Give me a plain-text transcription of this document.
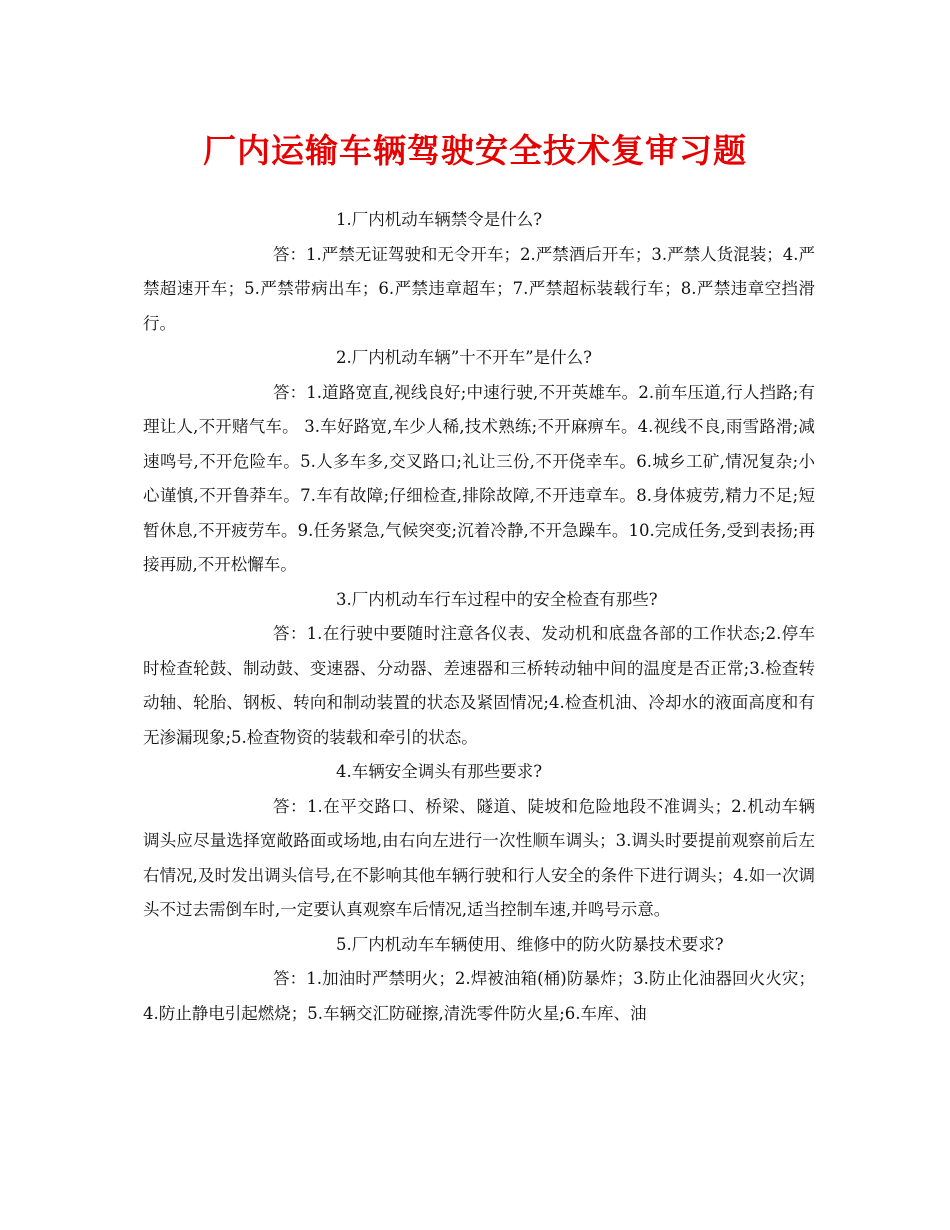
厂内运输车辆驾驶安全技术复审习题

1.厂内机动车辆禁令是什么?

答：1.严禁无证驾驶和无令开车；2.严禁酒后开车；3.严禁人货混装；4.严禁超速开车；5.严禁带病出车；6.严禁违章超车；7.严禁超标装载行车；8.严禁违章空挡滑行。

2.厂内机动车辆”十不开车”是什么?

答：1.道路宽直,视线良好;中速行驶,不开英雄车。2.前车压道,行人挡路;有理让人,不开赌气车。 3.车好路宽,车少人稀,技术熟练;不开麻痹车。4.视线不良,雨雪路滑;减速鸣号,不开危险车。5.人多车多,交叉路口;礼让三份,不开侥幸车。6.城乡工矿,情况复杂;小心谨慎,不开鲁莽车。7.车有故障;仔细检查,排除故障,不开违章车。8.身体疲劳,精力不足;短暂休息,不开疲劳车。9.任务紧急,气候突变;沉着冷静,不开急躁车。10.完成任务,受到表扬;再接再励,不开松懈车。

3.厂内机动车行车过程中的安全检查有那些?

答：1.在行驶中要随时注意各仪表、发动机和底盘各部的工作状态;2.停车时检查轮鼓、制动鼓、变速器、分动器、差速器和三桥转动轴中间的温度是否正常;3.检查转动轴、轮胎、钢板、转向和制动装置的状态及紧固情况;4.检查机油、冷却水的液面高度和有无渗漏现象;5.检查物资的装载和牵引的状态。

4.车辆安全调头有那些要求?

答：1.在平交路口、桥梁、隧道、陡坡和危险地段不准调头；2.机动车辆调头应尽量选择宽敞路面或场地,由右向左进行一次性顺车调头；3.调头时要提前观察前后左右情况,及时发出调头信号,在不影响其他车辆行驶和行人安全的条件下进行调头；4.如一次调头不过去需倒车时,一定要认真观察车后情况,适当控制车速,并鸣号示意。

5.厂内机动车车辆使用、维修中的防火防暴技术要求?

答：1.加油时严禁明火；2.焊被油箱(桶)防暴炸；3.防止化油器回火火灾；4.防止静电引起燃烧；5.车辆交汇防碰擦,清洗零件防火星;6.车库、油
